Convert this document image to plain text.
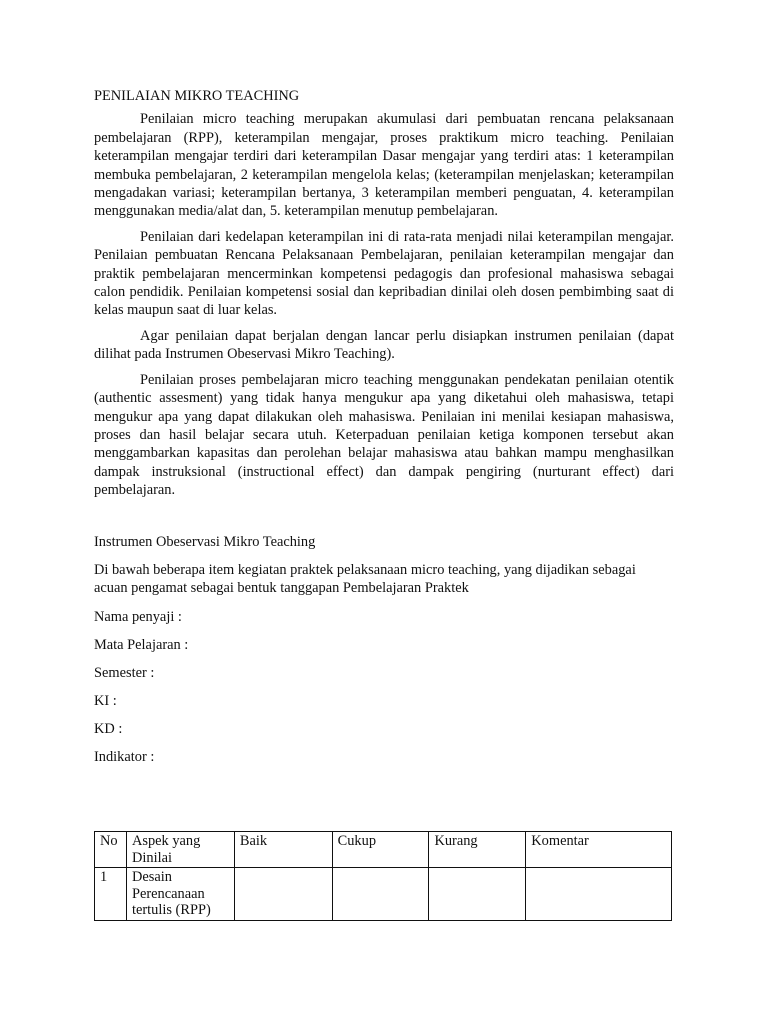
PENILAIAN MIKRO TEACHING

Penilaian micro teaching merupakan akumulasi dari pembuatan rencana pelaksanaan pembelajaran (RPP), keterampilan mengajar, proses praktikum micro teaching. Penilaian keterampilan mengajar terdiri dari keterampilan Dasar mengajar yang terdiri atas: 1 keterampilan membuka pembelajaran, 2 keterampilan mengelola kelas; (keterampilan menjelaskan; keterampilan mengadakan variasi; keterampilan bertanya, 3 keterampilan memberi penguatan, 4. keterampilan menggunakan media/alat dan, 5. keterampilan menutup pembelajaran.

Penilaian dari kedelapan keterampilan ini di rata-rata menjadi nilai keterampilan mengajar. Penilaian pembuatan Rencana Pelaksanaan Pembelajaran, penilaian keterampilan mengajar dan praktik pembelajaran mencerminkan kompetensi pedagogis dan profesional mahasiswa sebagai calon pendidik. Penilaian kompetensi sosial dan kepribadian dinilai oleh dosen pembimbing saat di kelas maupun saat di luar kelas.

Agar penilaian dapat berjalan dengan lancar perlu disiapkan instrumen penilaian (dapat dilihat pada Instrumen Obeservasi Mikro Teaching).

Penilaian proses pembelajaran micro teaching menggunakan pendekatan penilaian otentik (authentic assesment) yang tidak hanya mengukur apa yang diketahui oleh mahasiswa, tetapi mengukur apa yang dapat dilakukan oleh mahasiswa. Penilaian ini menilai kesiapan mahasiswa, proses dan hasil belajar secara utuh. Keterpaduan penilaian ketiga komponen tersebut akan menggambarkan kapasitas dan perolehan belajar mahasiswa atau bahkan mampu menghasilkan dampak instruksional (instructional effect) dan dampak pengiring (nurturant effect) dari pembelajaran.

Instrumen Obeservasi Mikro Teaching

Di bawah beberapa item kegiatan praktek pelaksanaan micro teaching, yang dijadikan sebagai acuan pengamat sebagai bentuk tanggapan Pembelajaran Praktek

Nama penyaji :

Mata Pelajaran :

Semester :

KI :

KD :

Indikator :

No	Aspek yang Dinilai	Baik	Cukup	Kurang	Komentar
1	Desain Perencanaan tertulis (RPP)				
